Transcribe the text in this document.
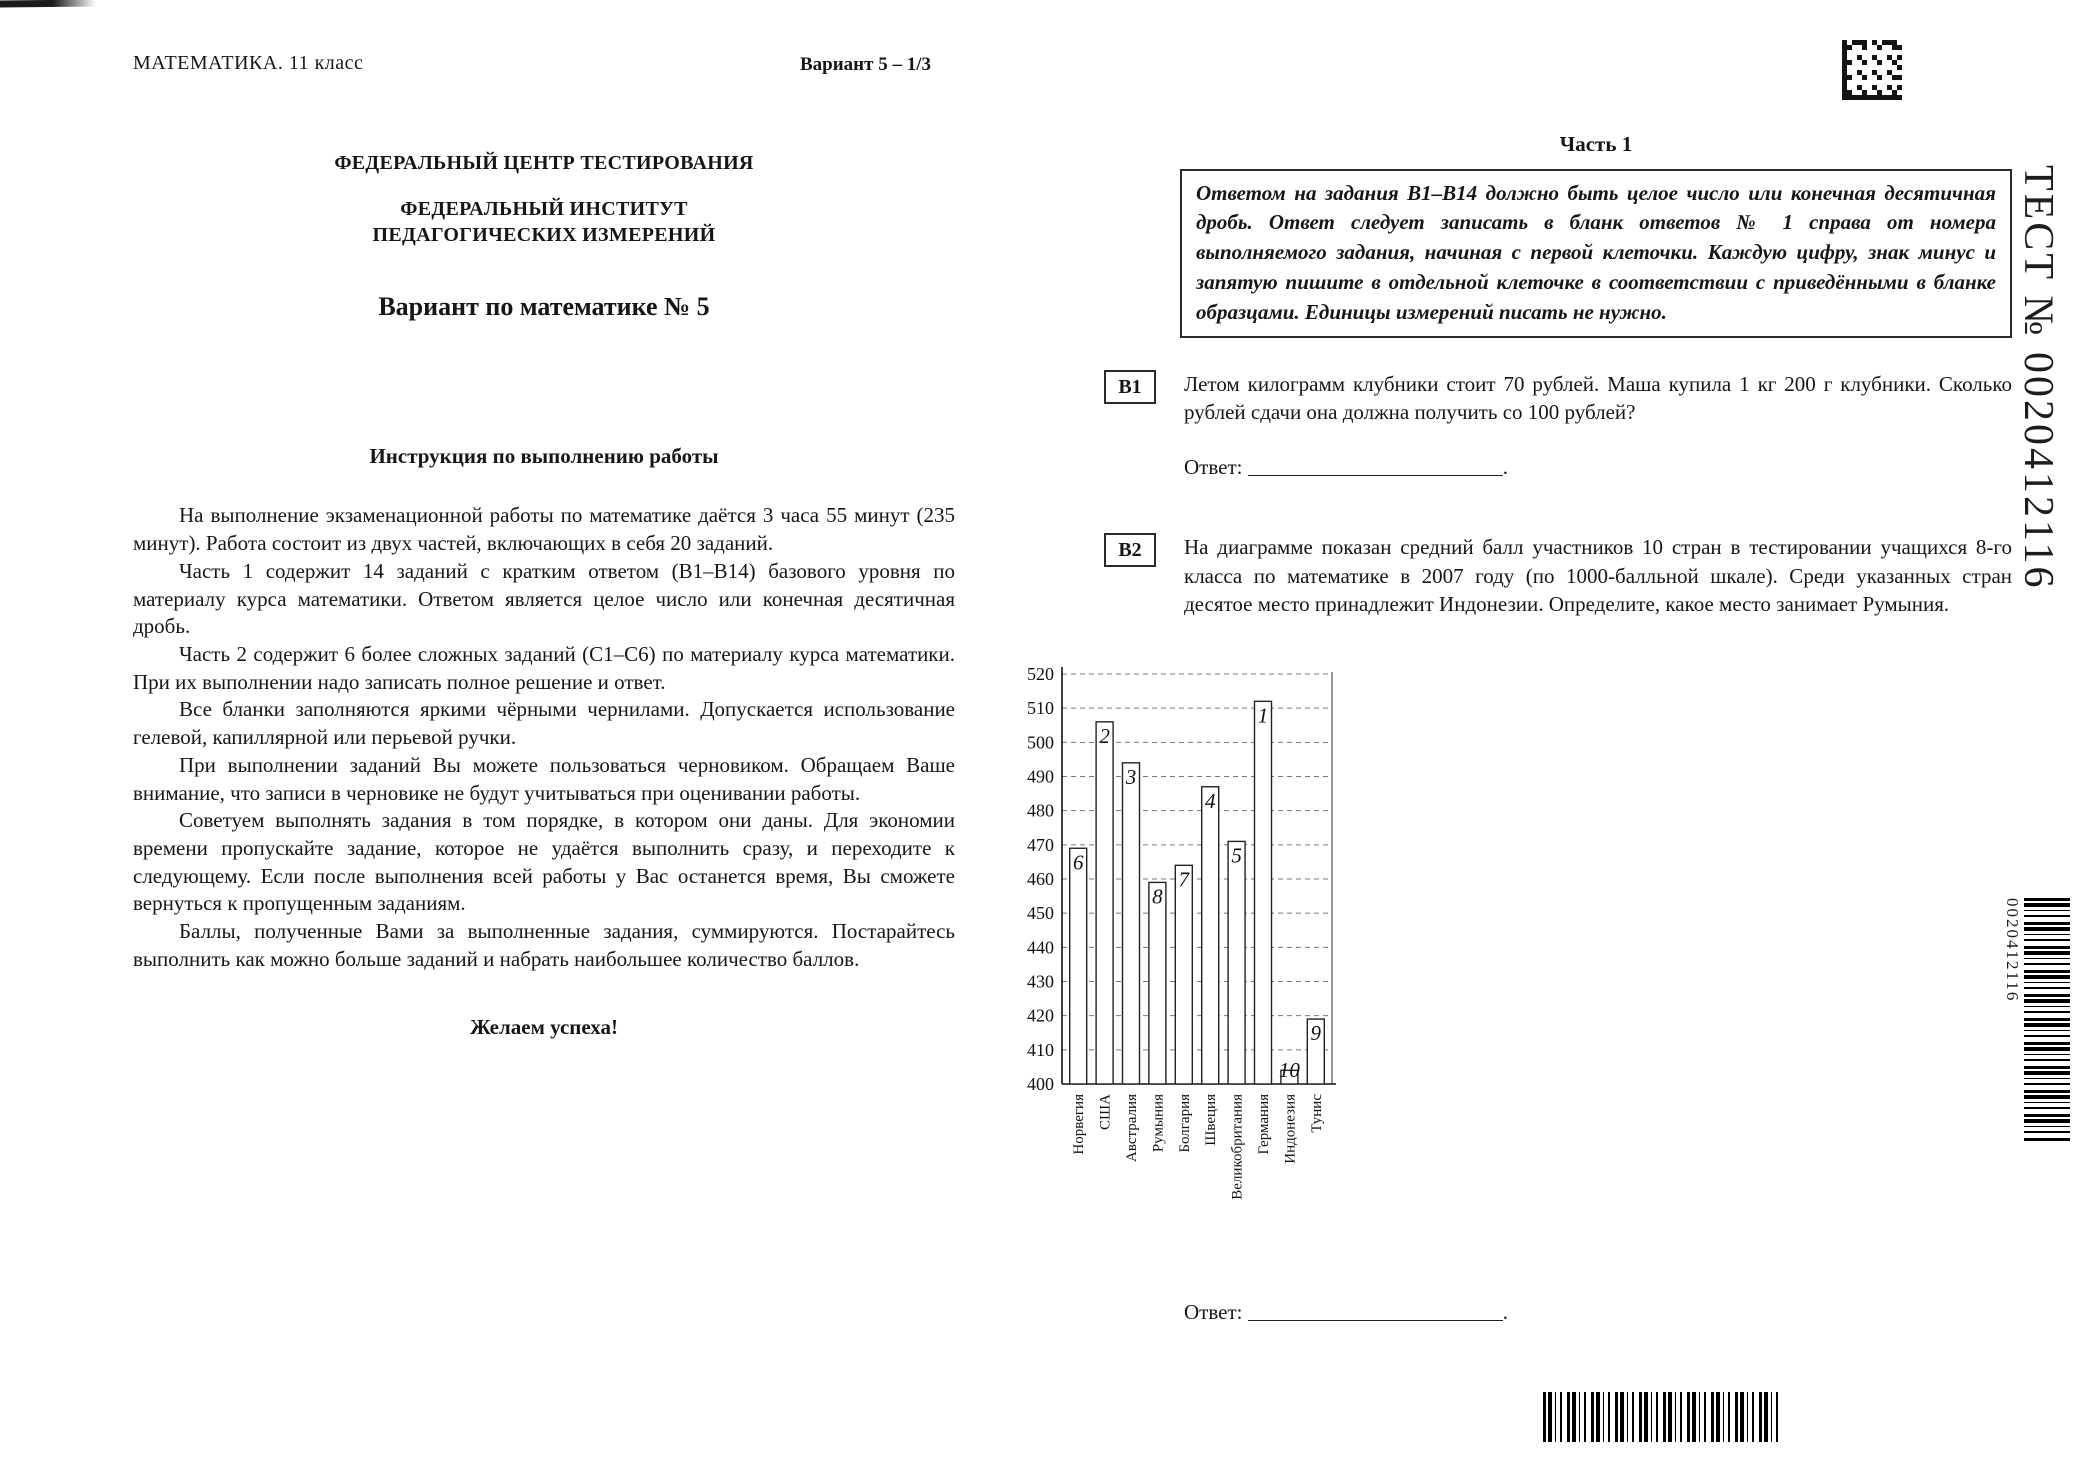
МАТЕМАТИКА. 11 класс	Вариант 5 – 1/3
ФЕДЕРАЛЬНЫЙ ЦЕНТР ТЕСТИРОВАНИЯ
ФЕДЕРАЛЬНЫЙ ИНСТИТУТ
ПЕДАГОГИЧЕСКИХ ИЗМЕРЕНИЙ
Вариант по математике № 5
Инструкция по выполнению работы

На выполнение экзаменационной работы по математике даётся 3 часа 55 минут (235 минут). Работа состоит из двух частей, включающих в себя 20 заданий.

Часть 1 содержит 14 заданий с кратким ответом (В1–В14) базового уровня по материалу курса математики. Ответом является целое число или конечная десятичная дробь.

Часть 2 содержит 6 более сложных заданий (С1–С6) по материалу курса математики. При их выполнении надо записать полное решение и ответ.

Все бланки заполняются яркими чёрными чернилами. Допускается использование гелевой, капиллярной или перьевой ручки.

При выполнении заданий Вы можете пользоваться черновиком. Обращаем Ваше внимание, что записи в черновике не будут учитываться при оценивании работы.

Советуем выполнять задания в том порядке, в котором они даны. Для экономии времени пропускайте задание, которое не удаётся выполнить сразу, и переходите к следующему. Если после выполнения всей работы у Вас останется время, Вы сможете вернуться к пропущенным заданиям.

Баллы, полученные Вами за выполненные задания, суммируются. Постарайтесь выполнить как можно больше заданий и набрать наибольшее количество баллов.

Желаем успеха!
Часть 1
Ответом на задания В1–В14 должно быть целое число или конечная десятичная дробь. Ответ следует записать в бланк ответов № 1 справа от номера выполняемого задания, начиная с первой клеточки. Каждую цифру, знак минус и запятую пишите в отдельной клеточке в соответствии с приведёнными в бланке образцами. Единицы измерений писать не нужно.
В1	Летом килограмм клубники стоит 70 рублей. Маша купила 1 кг 200 г клубники. Сколько рублей сдачи она должна получить со 100 рублей?

Ответ:	.
В2	На диаграмме показан средний балл участников 10 стран в тестировании учащихся 8-го класса по математике в 2007 году (по 1000-балльной шкале). Среди указанных стран десятое место принадлежит Индонезии. Определите, какое место занимает Румыния.

400
410
420
430
440
450
460
470
480
490
500
510
520
6
Норвегия
2
США
3
Австралия
8
Румыния
7
Болгария
4
Швеция
5
Великобритания
1
Германия
10
Индонезия
9
Тунис
Ответ:	.
ТЕСТ № 0020412116
0020412116
